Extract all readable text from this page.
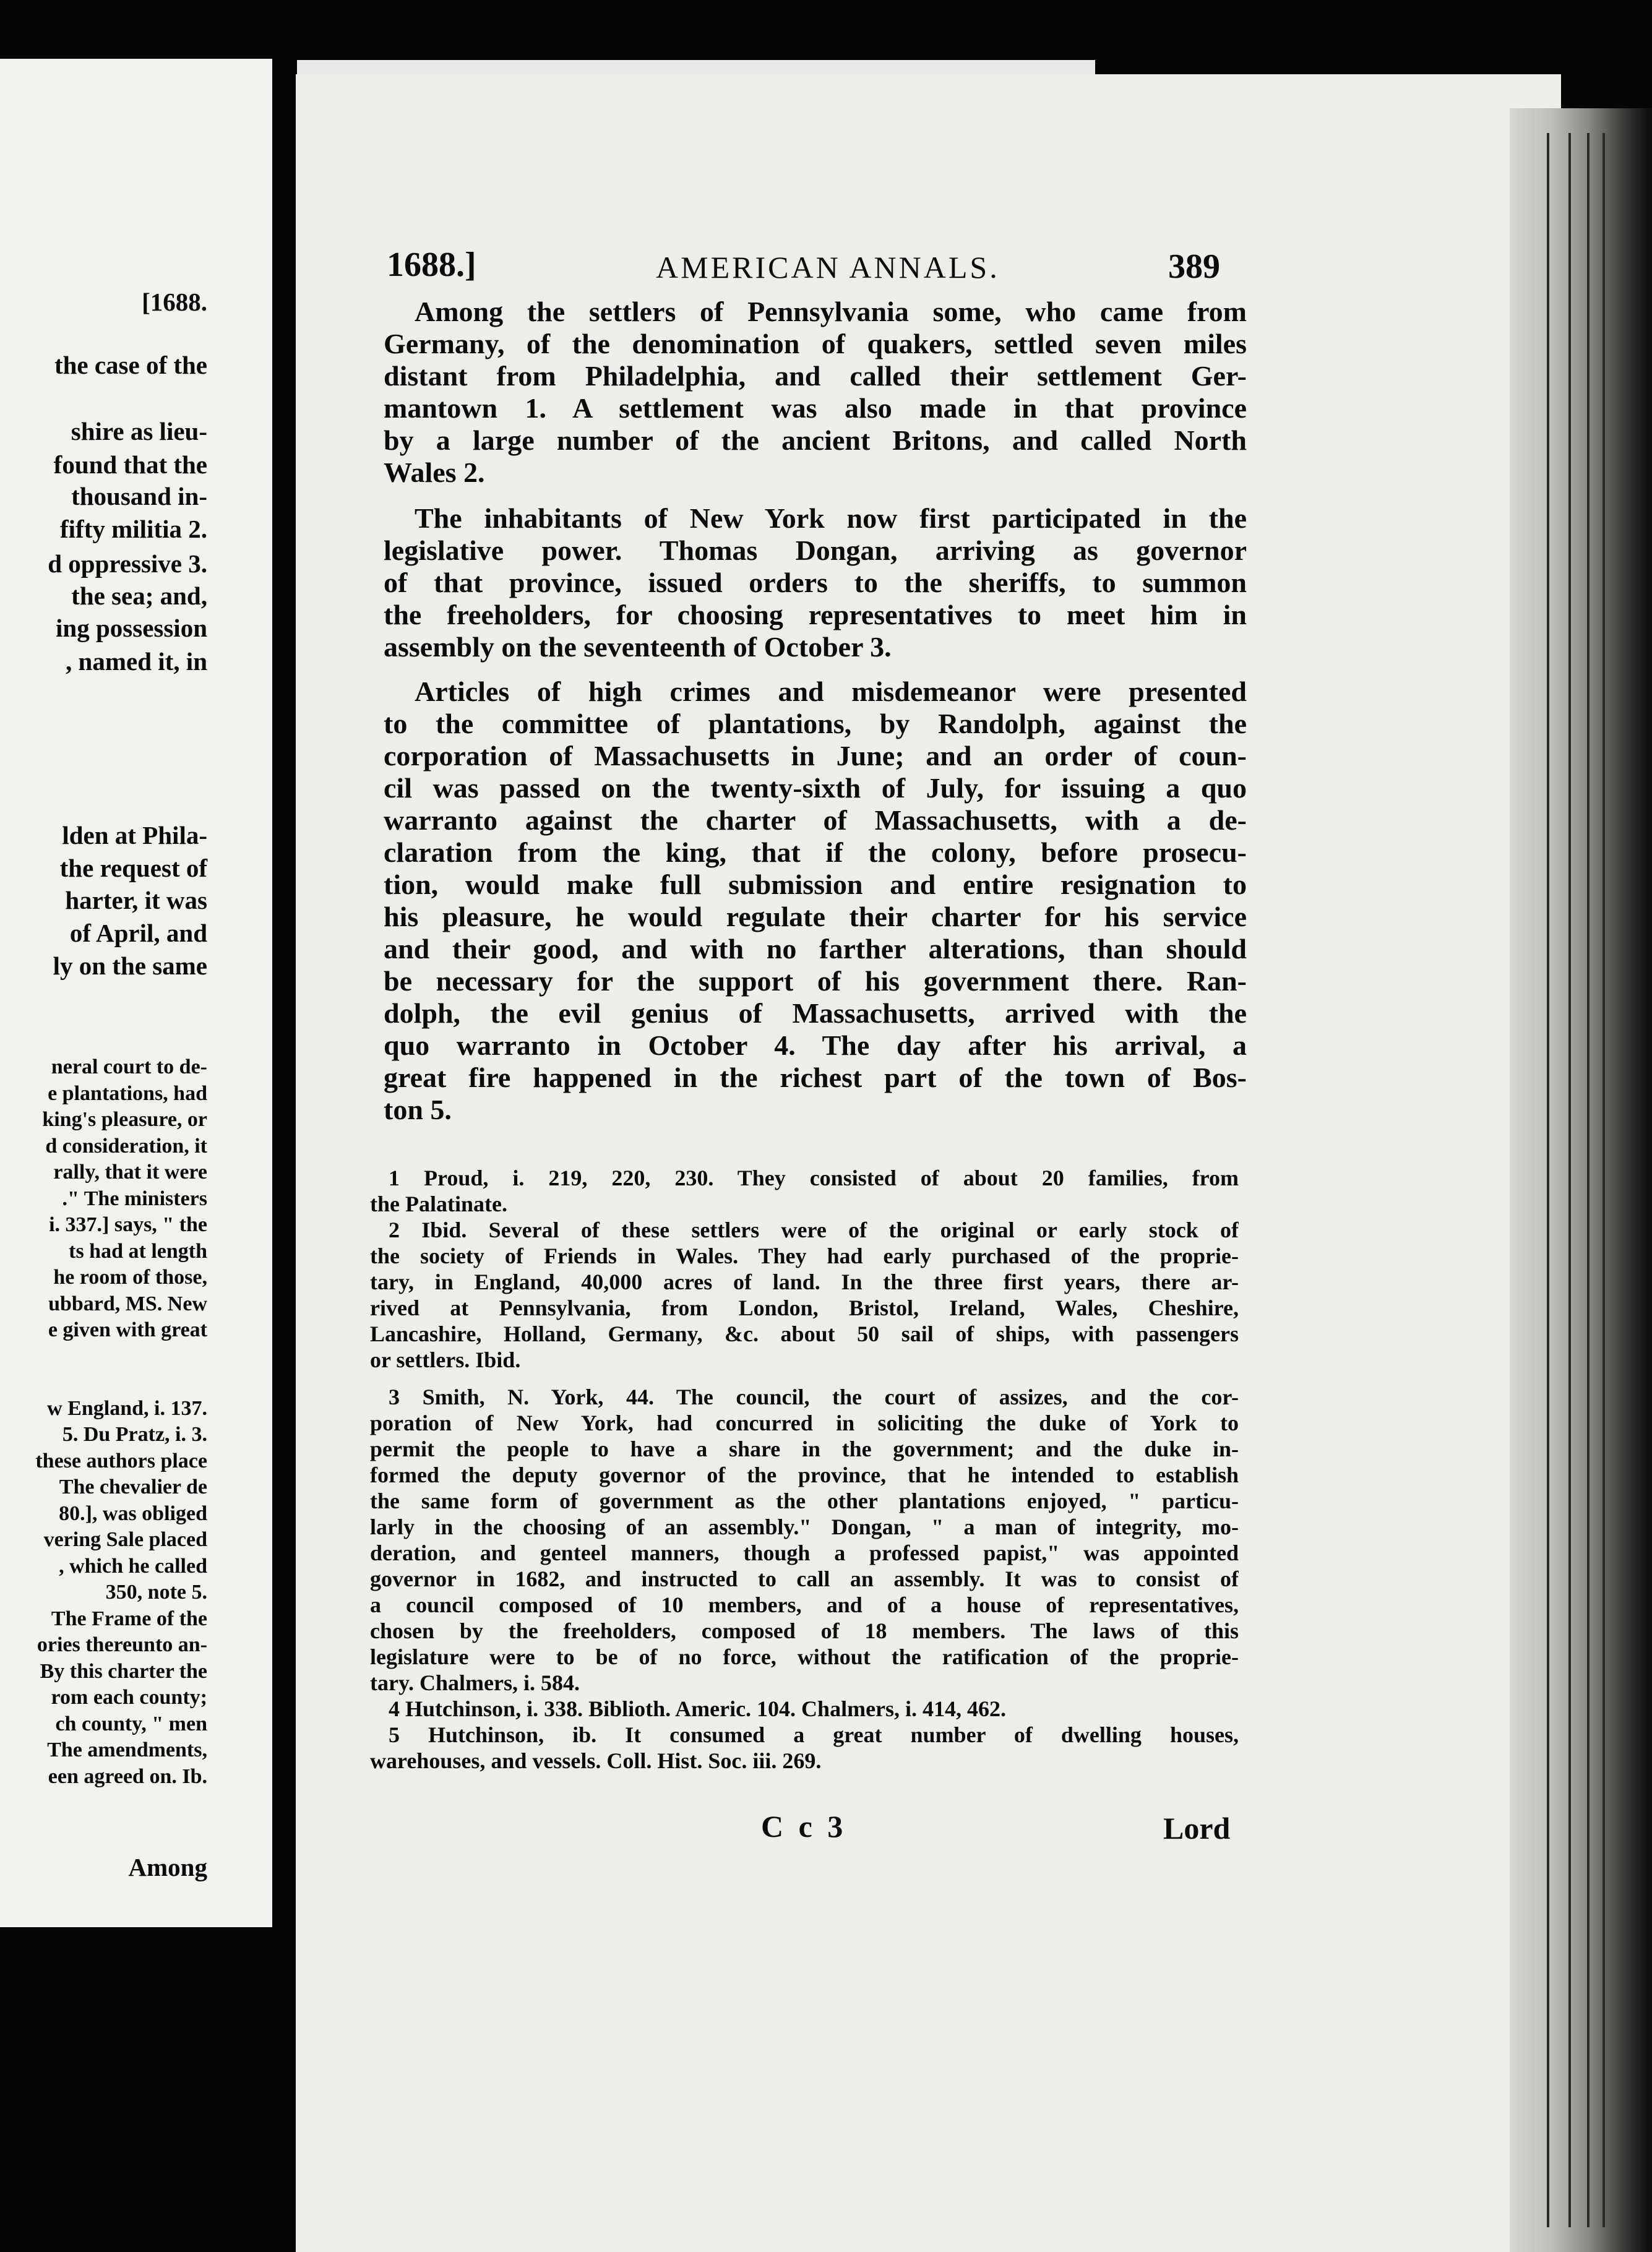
[1688.
the case of the
shire as lieu-
found that the
thousand in-
fifty militia 2.
d oppressive 3.
the sea; and,
ing possession
, named it, in
lden at Phila-
the request of
harter, it was
of April, and
ly on the same
neral court to de-
e plantations, had
king's pleasure, or
d consideration, it
rally, that it were
." The ministers
i. 337.] says, " the
ts had at length
he room of those,
ubbard, MS. New
e given with great
w England, i. 137.
5. Du Pratz, i. 3.
these authors place
The chevalier de
80.], was obliged
vering Sale placed
, which he called
350, note 5.
The Frame of the
ories thereunto an-
By this charter the
rom each county;
ch county, " men
The amendments,
een agreed on. Ib.
Among
1688.]	AMERICAN ANNALS.	389
Among the settlers of Pennsylvania some, who came from
Germany, of the denomination of quakers, settled seven miles
distant from Philadelphia, and called their settlement Ger-
mantown 1. A settlement was also made in that province
by a large number of the ancient Britons, and called North
Wales 2.
The inhabitants of New York now first participated in the
legislative power. Thomas Dongan, arriving as governor
of that province, issued orders to the sheriffs, to summon
the freeholders, for choosing representatives to meet him in
assembly on the seventeenth of October 3.
Articles of high crimes and misdemeanor were presented
to the committee of plantations, by Randolph, against the
corporation of Massachusetts in June; and an order of coun-
cil was passed on the twenty-sixth of July, for issuing a quo
warranto against the charter of Massachusetts, with a de-
claration from the king, that if the colony, before prosecu-
tion, would make full submission and entire resignation to
his pleasure, he would regulate their charter for his service
and their good, and with no farther alterations, than should
be necessary for the support of his government there. Ran-
dolph, the evil genius of Massachusetts, arrived with the
quo warranto in October 4. The day after his arrival, a
great fire happened in the richest part of the town of Bos-
ton 5.
1 Proud, i. 219, 220, 230. They consisted of about 20 families, from
the Palatinate.
2 Ibid. Several of these settlers were of the original or early stock of
the society of Friends in Wales. They had early purchased of the proprie-
tary, in England, 40,000 acres of land. In the three first years, there ar-
rived at Pennsylvania, from London, Bristol, Ireland, Wales, Cheshire,
Lancashire, Holland, Germany, &c. about 50 sail of ships, with passengers
or settlers. Ibid.
3 Smith, N. York, 44. The council, the court of assizes, and the cor-
poration of New York, had concurred in soliciting the duke of York to
permit the people to have a share in the government; and the duke in-
formed the deputy governor of the province, that he intended to establish
the same form of government as the other plantations enjoyed, " particu-
larly in the choosing of an assembly." Dongan, " a man of integrity, mo-
deration, and genteel manners, though a professed papist," was appointed
governor in 1682, and instructed to call an assembly. It was to consist of
a council composed of 10 members, and of a house of representatives,
chosen by the freeholders, composed of 18 members. The laws of this
legislature were to be of no force, without the ratification of the proprie-
tary. Chalmers, i. 584.
4 Hutchinson, i. 338. Biblioth. Americ. 104. Chalmers, i. 414, 462.
5 Hutchinson, ib. It consumed a great number of dwelling houses,
warehouses, and vessels. Coll. Hist. Soc. iii. 269.
C c 3	Lord
